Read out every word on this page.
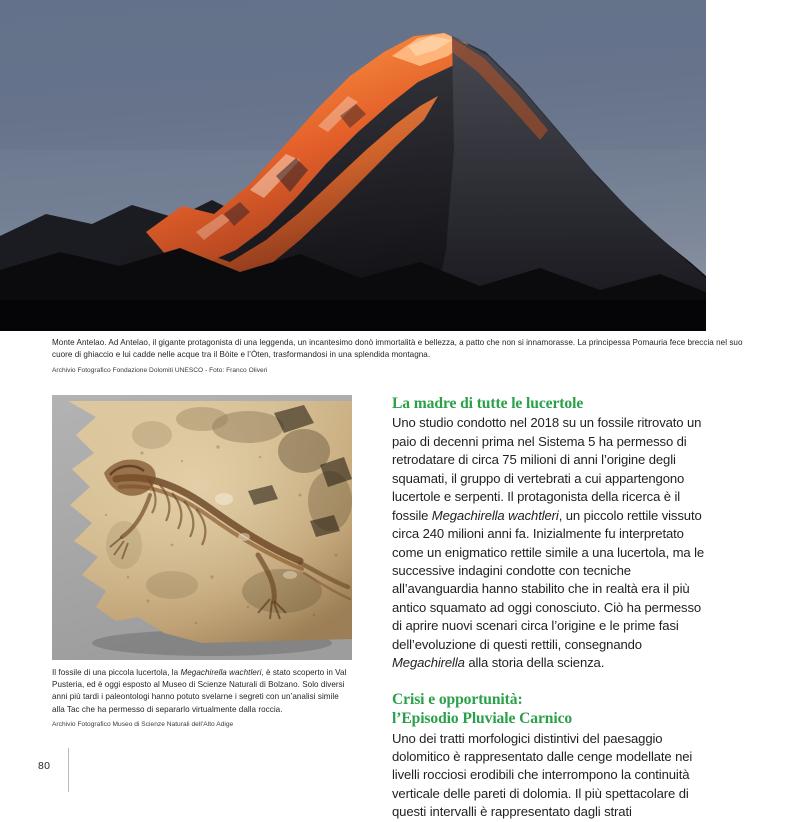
Monte Antelao. Ad Antelao, il gigante protagonista di una leggenda, un incantesimo donò immortalità e bellezza, a patto che non si innamorasse. La principessa Pomauria fece breccia nel suo cuore di ghiaccio e lui cadde nelle acque tra il Bòite e l’Òten, trasformandosi in una splendida montagna.
Archivio Fotografico Fondazione Dolomiti UNESCO - Foto: Franco Oliveri
Il fossile di una piccola lucertola, la Megachirella wachtleri, è stato scoperto in Val Pusteria, ed è oggi esposto al Museo di Scienze Naturali di Bolzano. Solo diversi anni più tardi i paleontologi hanno potuto svelarne i segreti con un’analisi simile alla Tac che ha permesso di separarlo virtualmente dalla roccia.
Archivio Fotografico Museo di Scienze Naturali dell’Alto Adige
La madre di tutte le lucertole

Uno studio condotto nel 2018 su un fossile ritrovato un paio di decenni prima nel Sistema 5 ha permesso di retrodatare di circa 75 milioni di anni l’origine degli squamati, il gruppo di vertebrati a cui appartengono lucertole e serpenti. Il protagonista della ricerca è il fossile Megachirella wachtleri, un piccolo rettile vissuto circa 240 milioni anni fa. Inizialmente fu interpretato come un enigmatico rettile simile a una lucertola, ma le successive indagini condotte con tecniche all’avanguardia hanno stabilito che in realtà era il più antico squamato ad oggi conosciuto. Ciò ha permesso di aprire nuovi scenari circa l’origine e le prime fasi dell’evoluzione di questi rettili, consegnando Megachirella alla storia della scienza.

Crisi e opportunità:
l’Episodio Pluviale Carnico

Uno dei tratti morfologici distintivi del paesaggio dolomitico è rappresentato dalle cenge modellate nei livelli rocciosi erodibili che interrompono la continuità verticale delle pareti di dolomia. Il più spettacolare di questi intervalli è rappresentato dagli strati

80
